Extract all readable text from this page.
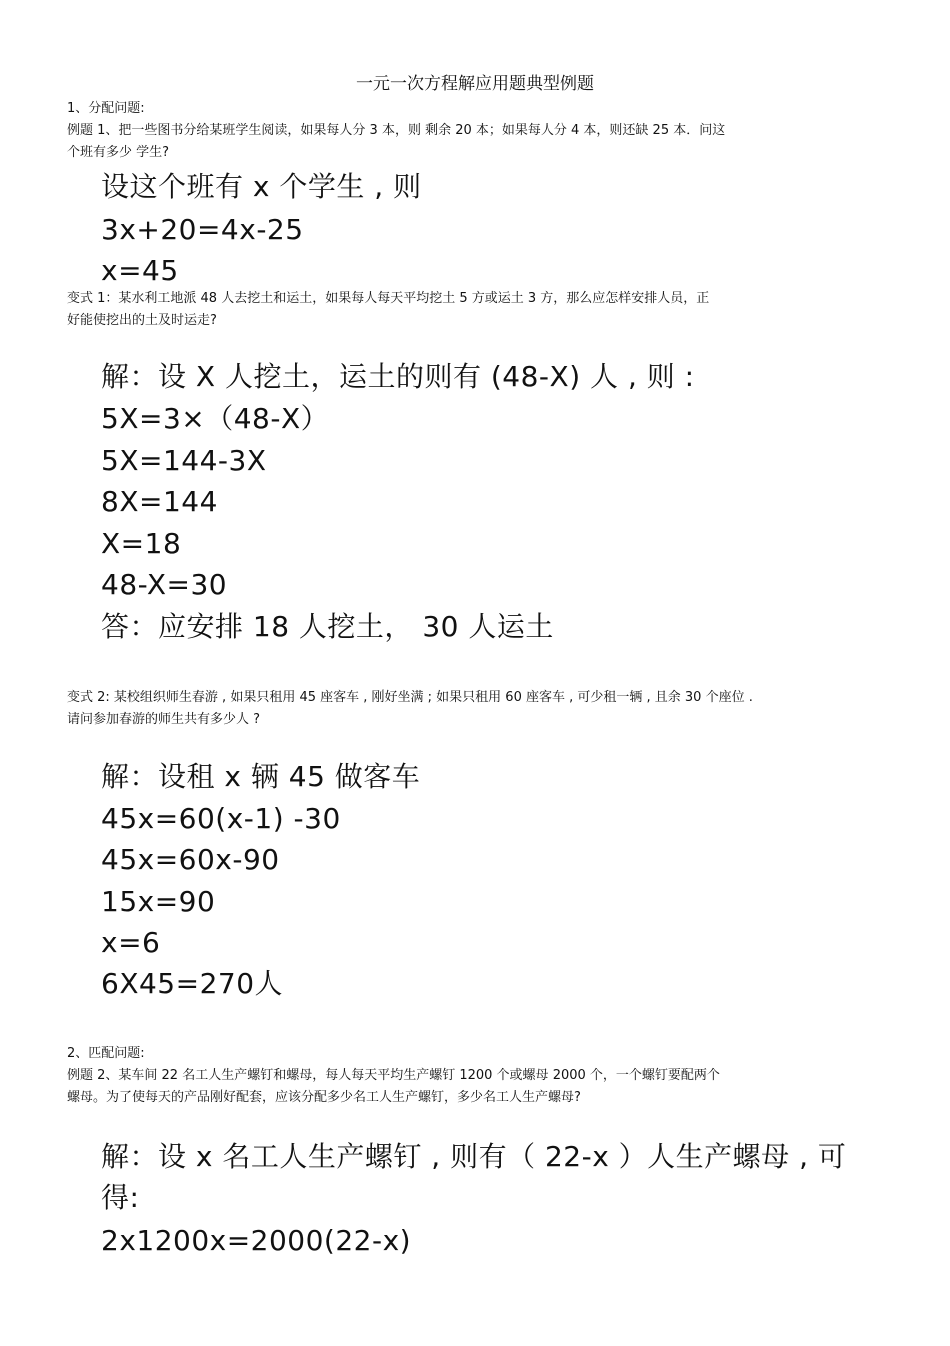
一元一次方程解应用题典型例题
1、分配问题:
例题 1、把一些图书分给某班学生阅读，如果每人分 3 本，则 剩余 20 本；如果每人分 4 本，则还缺 25 本．问这
个班有多少 学生?
设这个班有 x 个学生 , 则
3x+20=4x-25
x=45
变式 1：某水利工地派 48 人去挖土和运土，如果每人每天平均挖土 5 方或运土 3 方，那么应怎样安排人员，正
好能使挖出的土及时运走?
解：设 X 人挖土，运土的则有 (48-X) 人 , 则 :
5X=3×（48-X）
5X=144-3X
8X=144
X=18
48-X=30
答：应安排 18 人挖土， 30 人运土
变式 2: 某校组织师生春游 , 如果只租用 45 座客车 , 刚好坐满 ; 如果只租用 60 座客车 , 可少租一辆 , 且余 30 个座位 .
请问参加春游的师生共有多少人 ?
解：设租 x 辆 45 做客车
45x=60(x-1) -30
45x=60x-90
15x=90
x=6
6X45=270人
2、匹配问题:
例题 2、某车间 22 名工人生产螺钉和螺母，每人每天平均生产螺钉 1200 个或螺母 2000 个，一个螺钉要配两个
螺母。为了使每天的产品刚好配套，应该分配多少名工人生产螺钉，多少名工人生产螺母?
解：设 x 名工人生产螺钉 , 则有（ 22-x ）人生产螺母 , 可
得:
2x1200x=2000(22-x)
